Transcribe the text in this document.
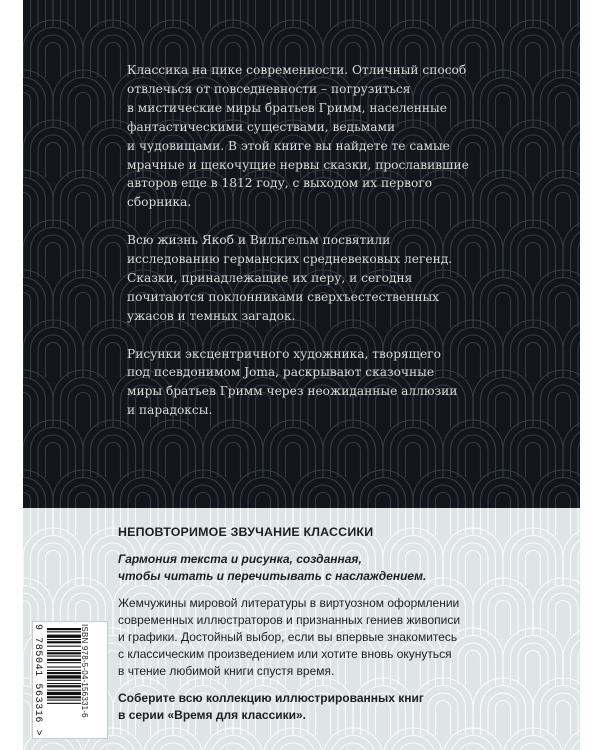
Классика на пике современности. Отличный способ
отвлечься от повседневности – погрузиться
в мистические миры братьев Гримм, населенные
фантастическими существами, ведьмами
и чудовищами. В этой книге вы найдете те самые
мрачные и щекочущие нервы сказки, прославившие
авторов еще в 1812 году, с выходом их первого
сборника.

Всю жизнь Якоб и Вильгельм посвятили
исследованию германских средневековых легенд.
Сказки, принадлежащие их перу, и сегодня
почитаются поклонниками сверхъестественных
ужасов и темных загадок.

Рисунки эксцентричного художника, творящего
под псевдонимом Joma, раскрывают сказочные
миры братьев Гримм через неожиданные аллюзии
и парадоксы.

9 785041 563316 >	ISBN 978-5-04-156331-6

НЕПОВТОРИМОЕ ЗВУЧАНИЕ КЛАССИКИ

Гармония текста и рисунка, созданная,
чтобы читать и перечитывать с наслаждением.

Жемчужины мировой литературы в виртуозном оформлении
современных иллюстраторов и признанных гениев живописи
и графики. Достойный выбор, если вы впервые знакомитесь
с классическим произведением или хотите вновь окунуться
в чтение любимой книги спустя время.

Соберите всю коллекцию иллюстрированных книг
в серии «Время для классики».
